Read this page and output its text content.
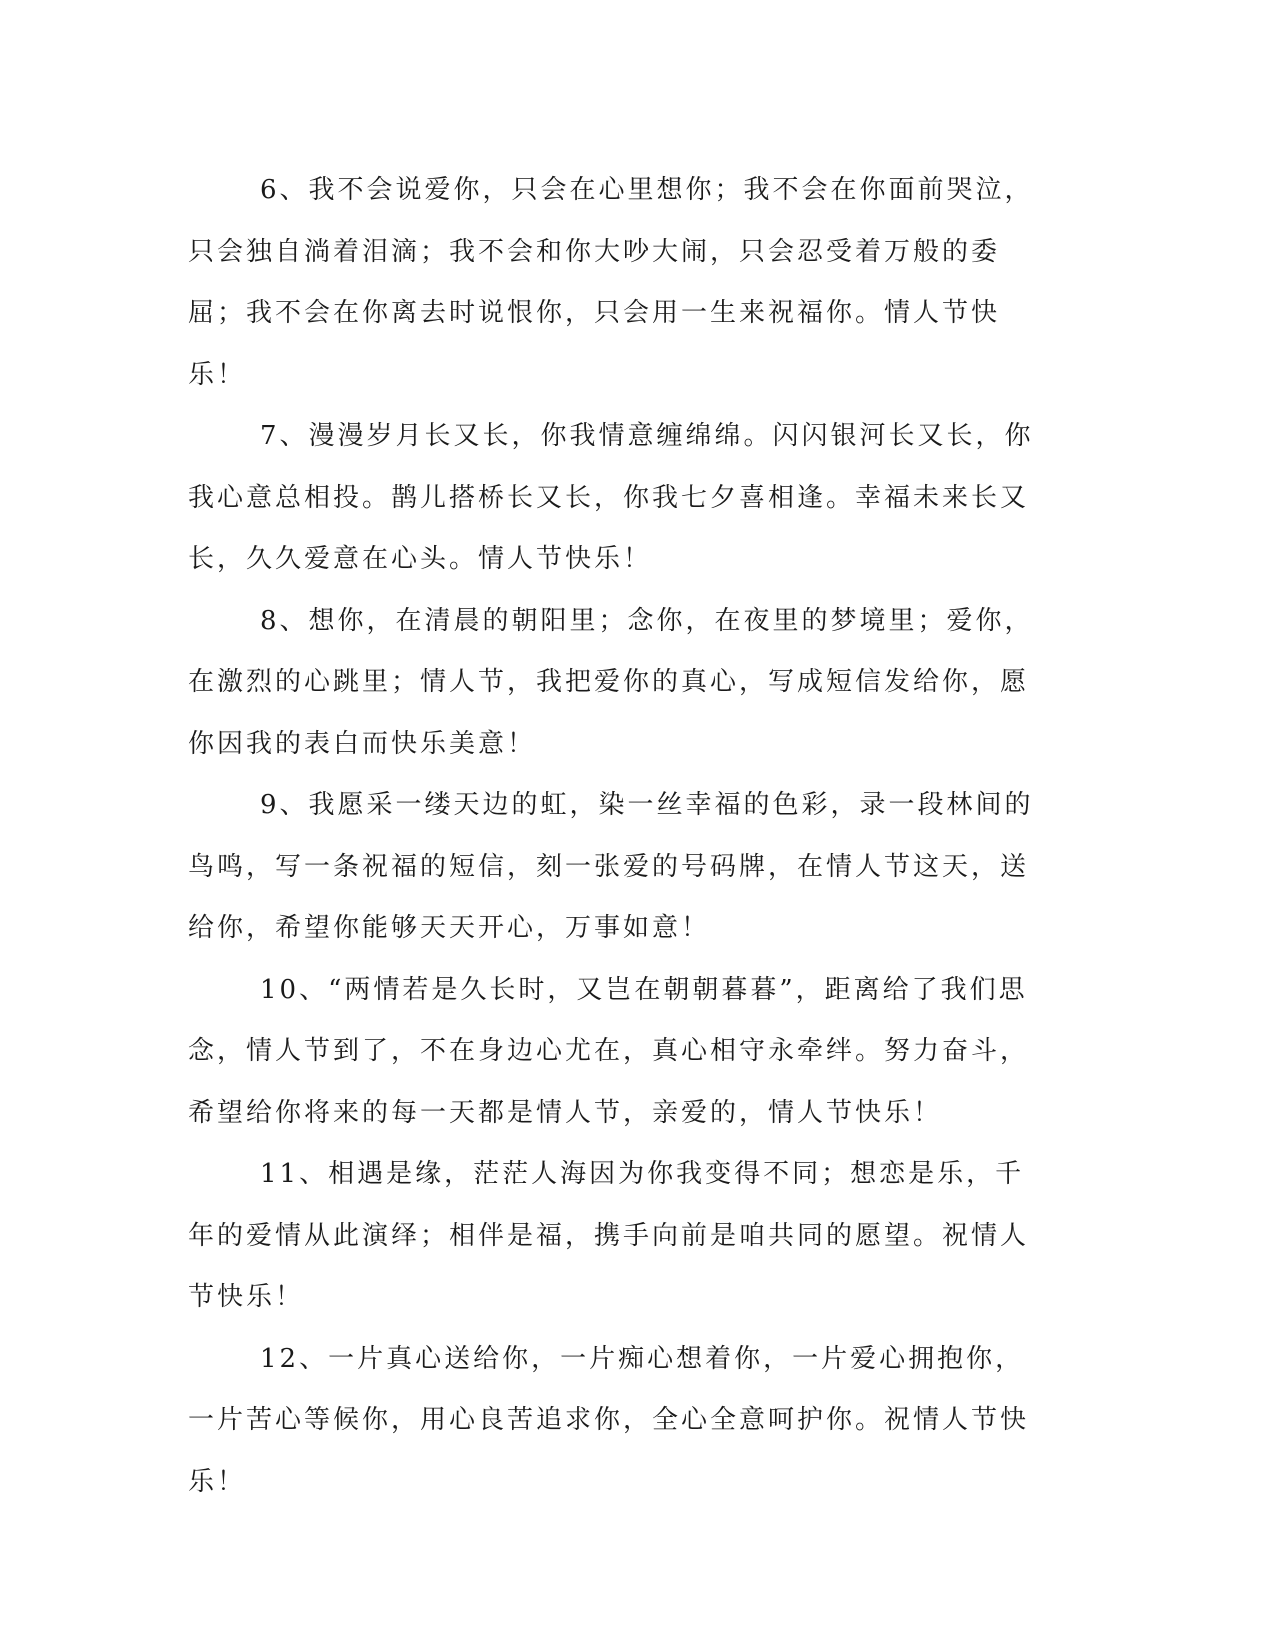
6、我不会说爱你，只会在心里想你；我不会在你面前哭泣，只会独自淌着泪滴；我不会和你大吵大闹，只会忍受着万般的委屈；我不会在你离去时说恨你，只会用一生来祝福你。情人节快乐！

7、漫漫岁月长又长，你我情意缠绵绵。闪闪银河长又长，你我心意总相投。鹊儿搭桥长又长，你我七夕喜相逢。幸福未来长又长，久久爱意在心头。情人节快乐！

8、想你，在清晨的朝阳里；念你，在夜里的梦境里；爱你，在激烈的心跳里；情人节，我把爱你的真心，写成短信发给你，愿你因我的表白而快乐美意！

9、我愿采一缕天边的虹，染一丝幸福的色彩，录一段林间的鸟鸣，写一条祝福的短信，刻一张爱的号码牌，在情人节这天，送给你，希望你能够天天开心，万事如意！

10、“两情若是久长时，又岂在朝朝暮暮”，距离给了我们思念，情人节到了，不在身边心尤在，真心相守永牵绊。努力奋斗，希望给你将来的每一天都是情人节，亲爱的，情人节快乐！

11、相遇是缘，茫茫人海因为你我变得不同；想恋是乐，千年的爱情从此演绎；相伴是福，携手向前是咱共同的愿望。祝情人节快乐！

12、一片真心送给你，一片痴心想着你，一片爱心拥抱你，一片苦心等候你，用心良苦追求你，全心全意呵护你。祝情人节快乐！
